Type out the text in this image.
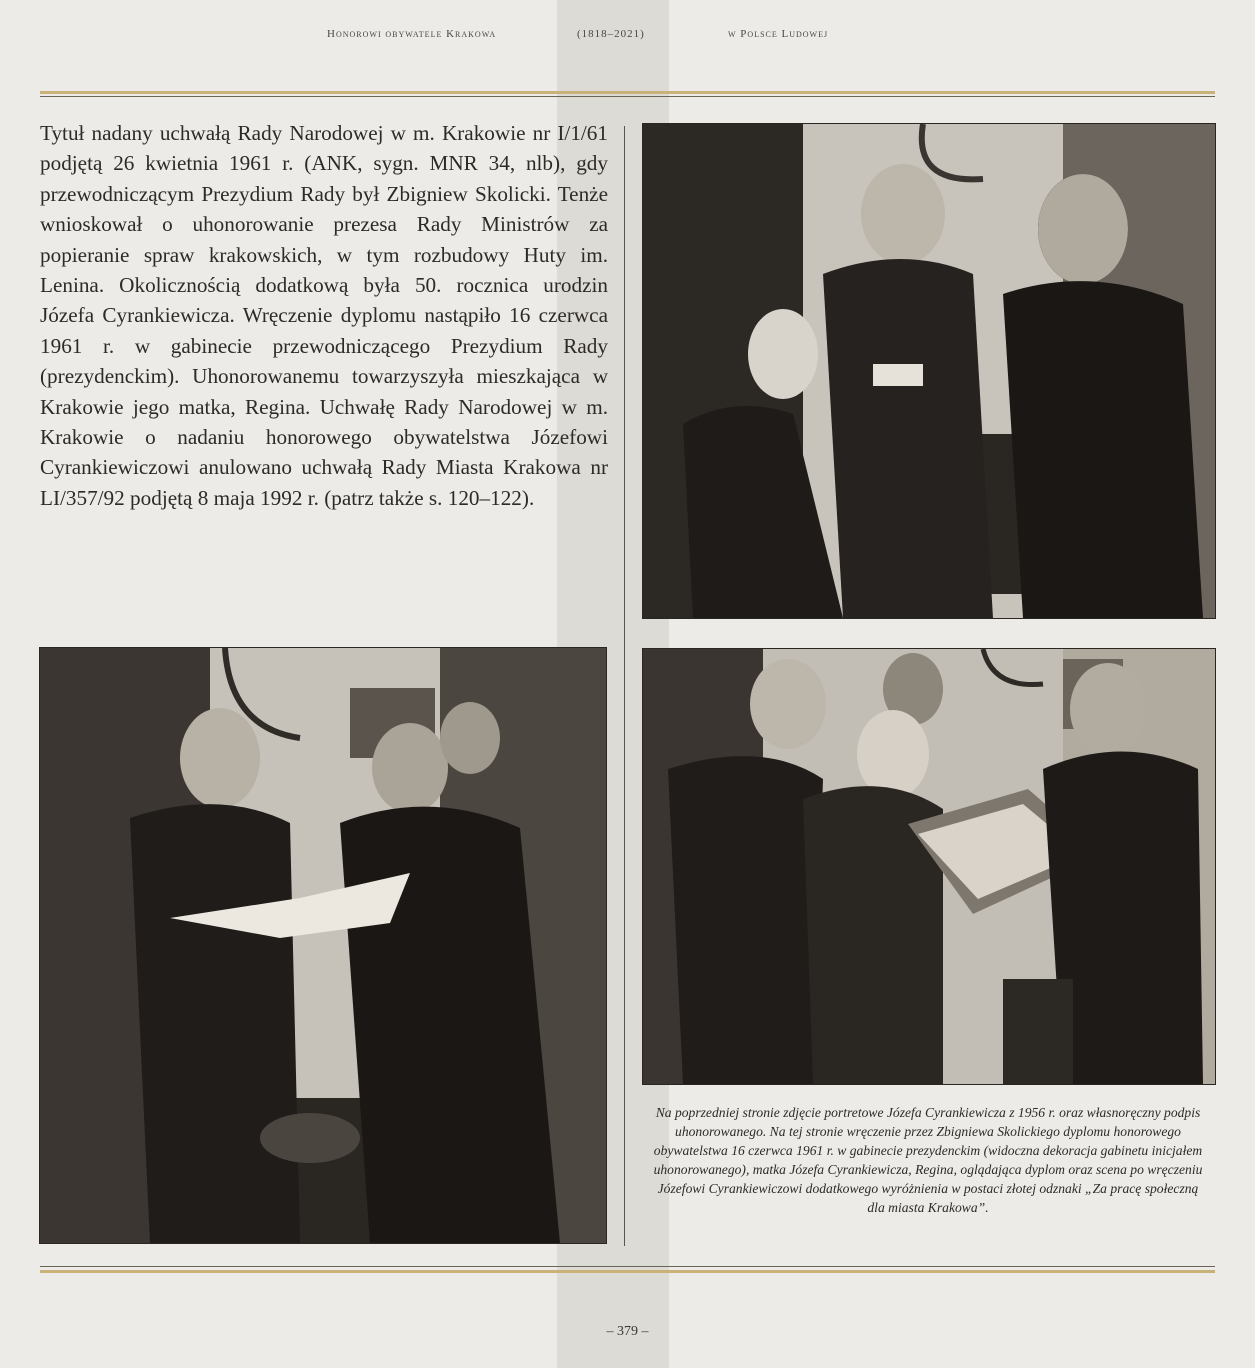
Honorowi obywatele Krakowa	(1818–2021)	w Polsce Ludowej
Tytuł nadany uchwałą Rady Narodowej w m. Krakowie nr I/1/61 podjętą 26 kwietnia 1961 r. (ANK, sygn. MNR 34, nlb), gdy przewodniczącym Prezydium Rady był Zbigniew Skolicki. Tenże wnioskował o uhonorowanie prezesa Rady Ministrów za popieranie spraw krakowskich, w tym rozbudowy Huty im. Lenina. Okolicznością dodatkową była 50. rocznica urodzin Józefa Cyrankiewicza. Wręczenie dyplomu nastąpiło 16 czerwca 1961 r. w gabinecie przewodniczącego Prezydium Rady (prezydenckim). Uhonorowanemu towarzyszyła mieszkająca w Krakowie jego matka, Regina. Uchwałę Rady Narodowej w m. Krakowie o nadaniu honorowego obywatelstwa Józefowi Cyrankiewiczowi anulowano uchwałą Rady Miasta Krakowa nr LI/357/92 podjętą 8 maja 1992 r. (patrz także s. 120–122).
Na poprzedniej stronie zdjęcie portretowe Józefa Cyrankiewicza z 1956 r. oraz własnoręczny podpis uhonorowanego. Na tej stronie wręczenie przez Zbigniewa Skolickiego dyplomu honorowego obywatelstwa 16 czerwca 1961 r. w gabinecie prezydenckim (widoczna dekoracja gabinetu inicjałem uhonorowanego), matka Józefa Cyrankiewicza, Regina, oglądająca dyplom oraz scena po wręczeniu Józefowi Cyrankiewiczowi dodatkowego wyróżnienia w postaci złotej odznaki „Za pracę społeczną dla miasta Krakowa”.
– 379 –
